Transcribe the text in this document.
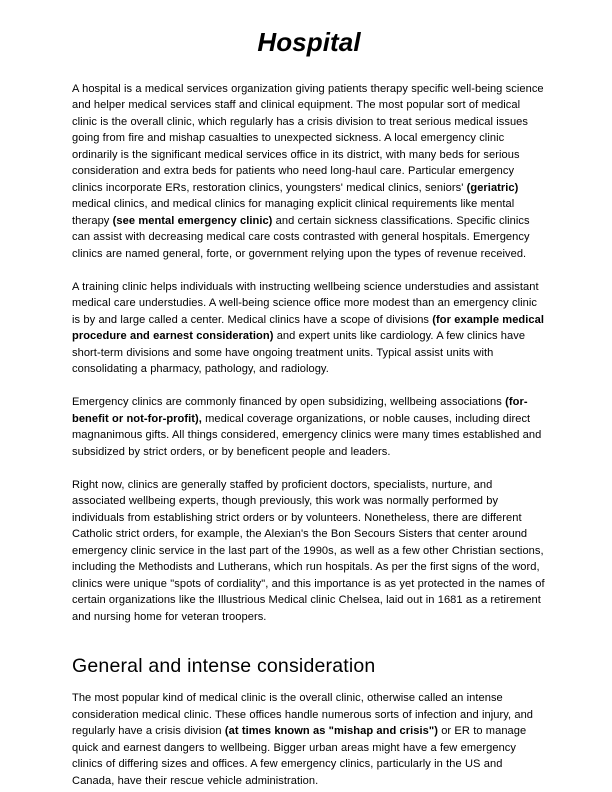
Hospital

A hospital is a medical services organization giving patients therapy specific well-being science and helper medical services staff and clinical equipment. The most popular sort of medical clinic is the overall clinic, which regularly has a crisis division to treat serious medical issues going from fire and mishap casualties to unexpected sickness. A local emergency clinic ordinarily is the significant medical services office in its district, with many beds for serious consideration and extra beds for patients who need long-haul care. Particular emergency clinics incorporate ERs, restoration clinics, youngsters' medical clinics, seniors' (geriatric) medical clinics, and medical clinics for managing explicit clinical requirements like mental therapy (see mental emergency clinic) and certain sickness classifications. Specific clinics can assist with decreasing medical care costs contrasted with general hospitals. Emergency clinics are named general, forte, or government relying upon the types of revenue received.

A training clinic helps individuals with instructing wellbeing science understudies and assistant medical care understudies. A well-being science office more modest than an emergency clinic is by and large called a center. Medical clinics have a scope of divisions (for example medical procedure and earnest consideration) and expert units like cardiology. A few clinics have short-term divisions and some have ongoing treatment units. Typical assist units with consolidating a pharmacy, pathology, and radiology.

Emergency clinics are commonly financed by open subsidizing, wellbeing associations (for-benefit or not-for-profit), medical coverage organizations, or noble causes, including direct magnanimous gifts. All things considered, emergency clinics were many times established and subsidized by strict orders, or by beneficent people and leaders.

Right now, clinics are generally staffed by proficient doctors, specialists, nurture, and associated wellbeing experts, though previously, this work was normally performed by individuals from establishing strict orders or by volunteers. Nonetheless, there are different Catholic strict orders, for example, the Alexian's the Bon Secours Sisters that center around emergency clinic service in the last part of the 1990s, as well as a few other Christian sections, including the Methodists and Lutherans, which run hospitals. As per the first signs of the word, clinics were unique "spots of cordiality", and this importance is as yet protected in the names of certain organizations like the Illustrious Medical clinic Chelsea, laid out in 1681 as a retirement and nursing home for veteran troopers.

General and intense consideration

The most popular kind of medical clinic is the overall clinic, otherwise called an intense consideration medical clinic. These offices handle numerous sorts of infection and injury, and regularly have a crisis division (at times known as "mishap and crisis") or ER to manage quick and earnest dangers to wellbeing. Bigger urban areas might have a few emergency clinics of differing sizes and offices. A few emergency clinics, particularly in the US and Canada, have their rescue vehicle administration.
